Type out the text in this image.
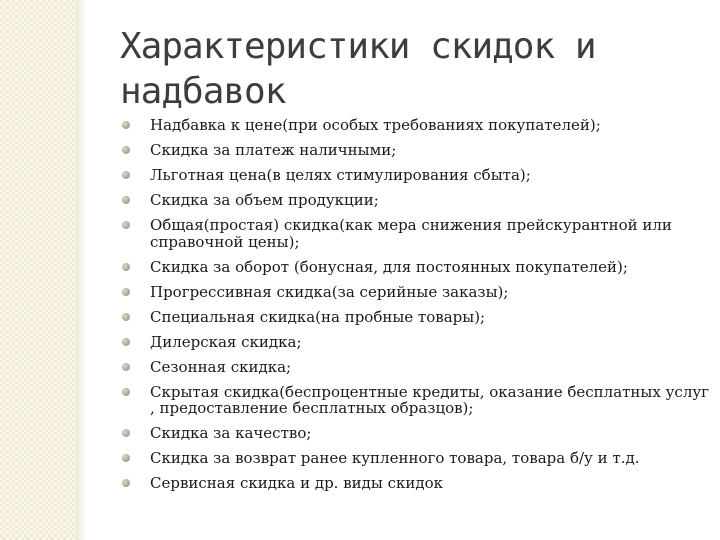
Характеристики скидок и надбавок
Надбавка к цене(при особых требованиях покупателей);
Скидка за платеж наличными;
Льготная цена(в целях стимулирования сбыта);
Скидка за объем продукции;
Общая(простая) скидка(как мера снижения прейскурантной или справочной цены);
Скидка за оборот (бонусная, для постоянных покупателей);
Прогрессивная скидка(за серийные заказы);
Специальная скидка(на пробные товары);
Дилерская скидка;
Сезонная скидка;
Скрытая скидка(беспроцентные кредиты, оказание бесплатных услуг , предоставление бесплатных образцов);
Скидка за качество;
Скидка за возврат ранее купленного товара, товара б/у и т.д.
Сервисная скидка и др. виды скидок
